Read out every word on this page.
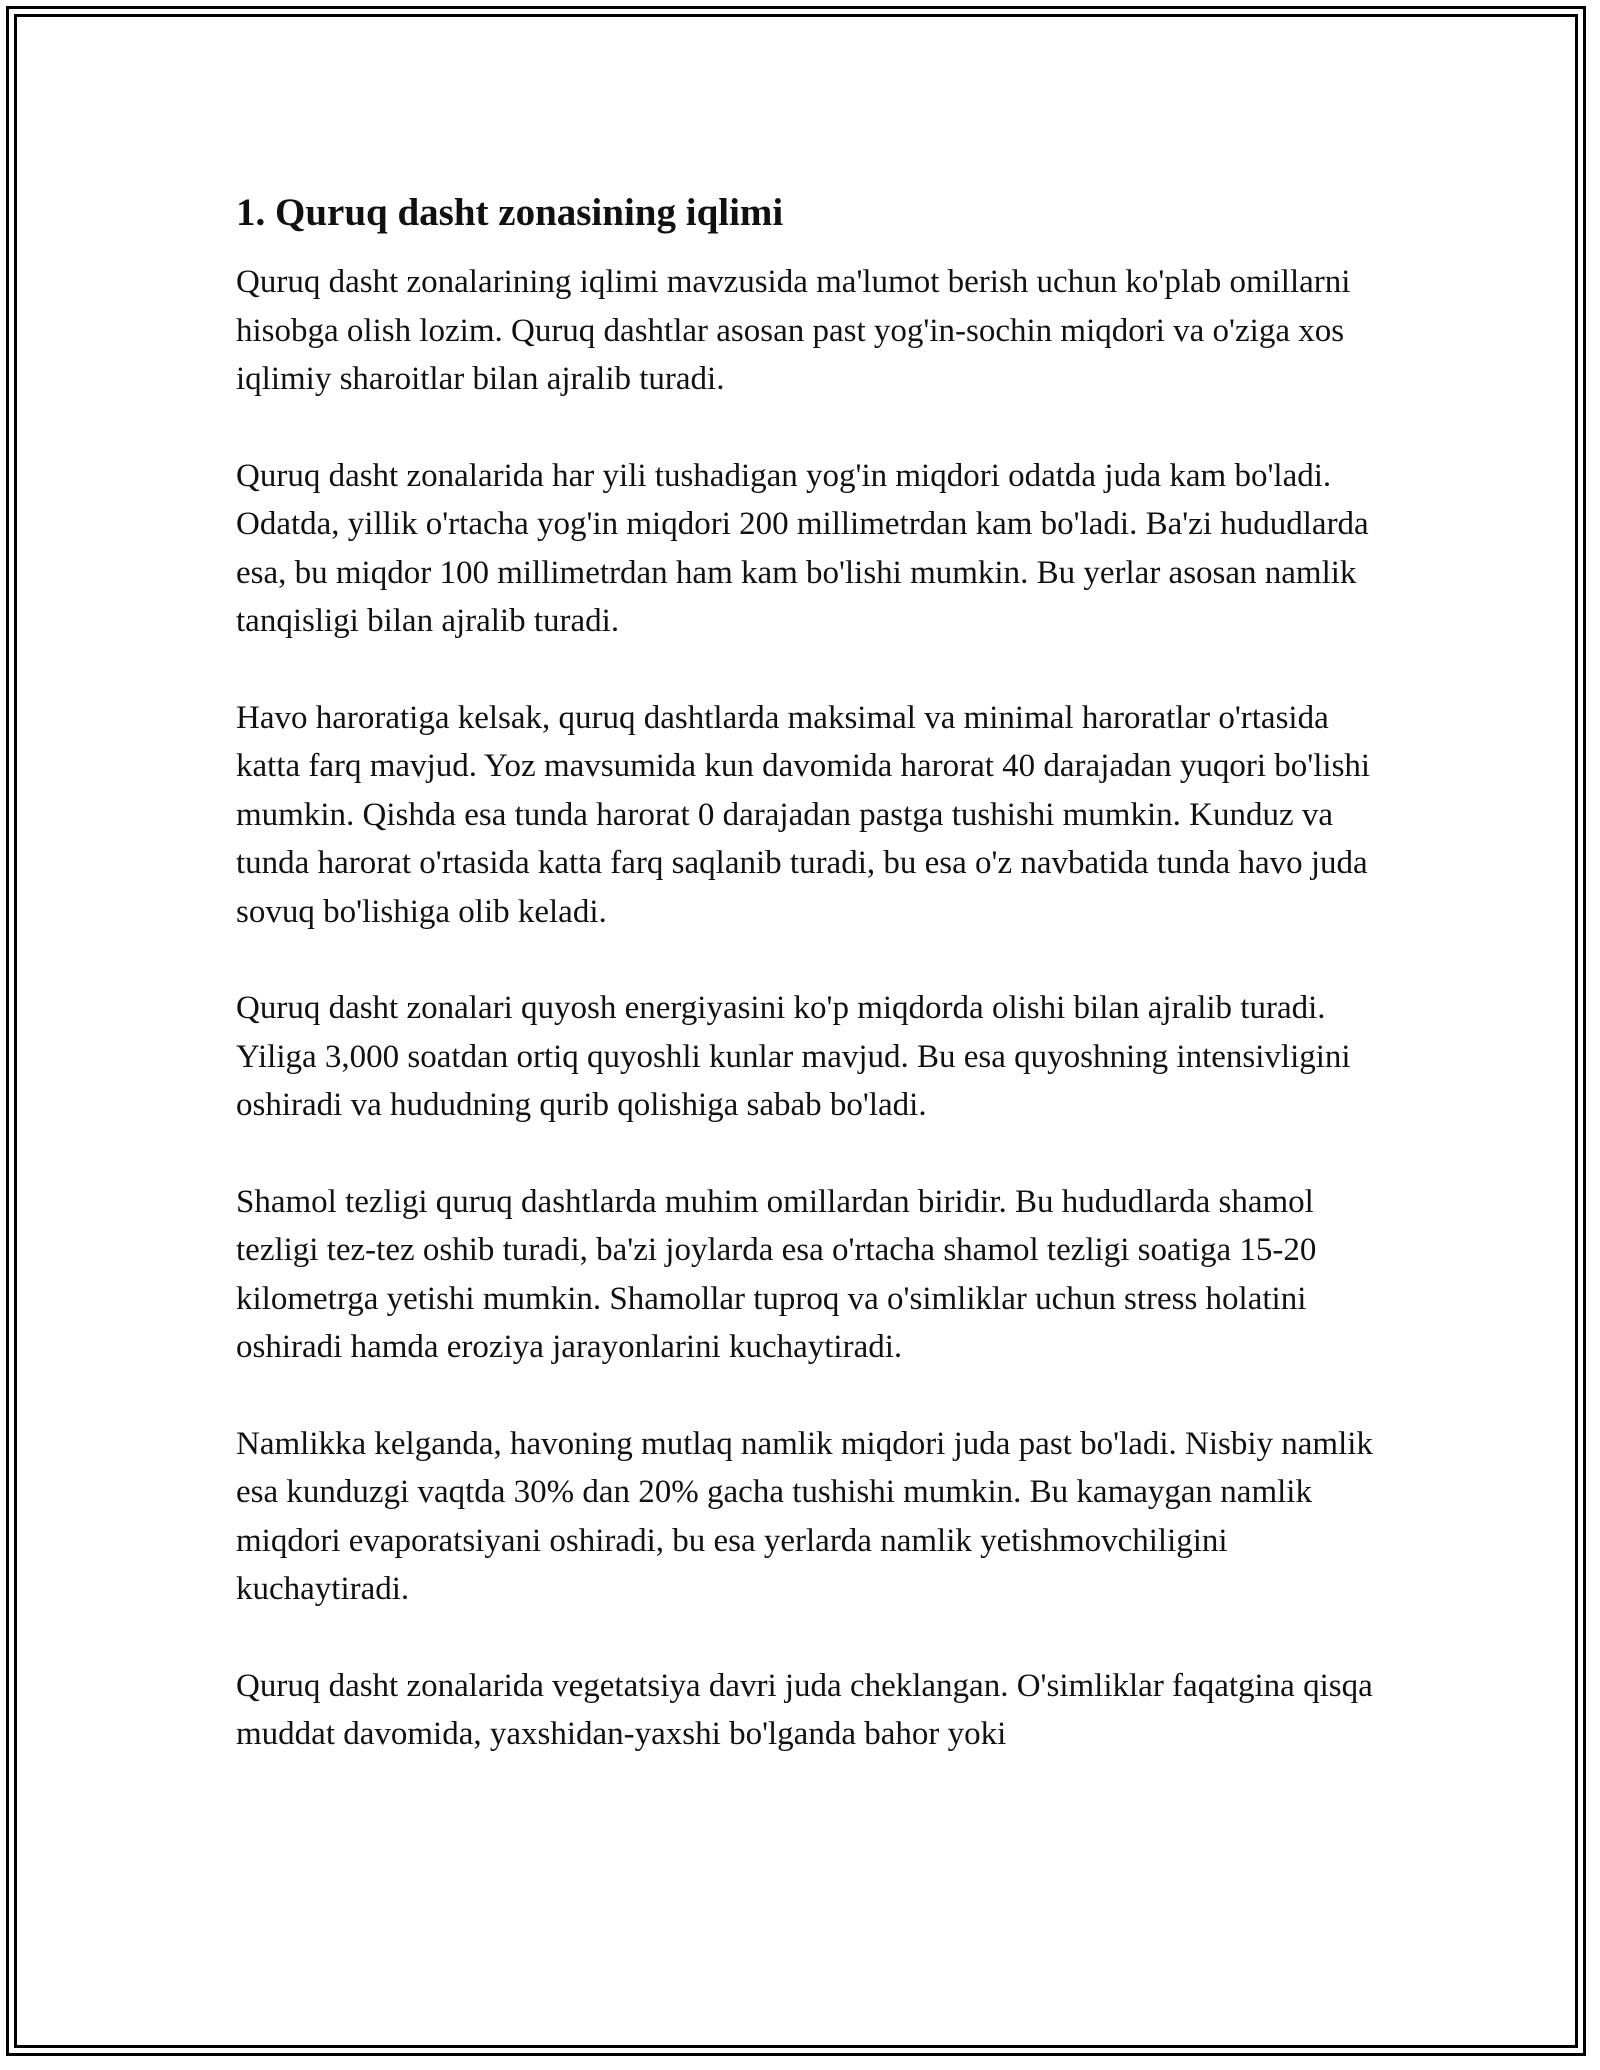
1. Quruq dasht zonasining iqlimi

Quruq dasht zonalarining iqlimi mavzusida ma'lumot berish uchun ko'plab omillarni hisobga olish lozim. Quruq dashtlar asosan past yog'in-sochin miqdori va o'ziga xos iqlimiy sharoitlar bilan ajralib turadi.

Quruq dasht zonalarida har yili tushadigan yog'in miqdori odatda juda kam bo'ladi. Odatda, yillik o'rtacha yog'in miqdori 200 millimetrdan kam bo'ladi. Ba'zi hududlarda esa, bu miqdor 100 millimetrdan ham kam bo'lishi mumkin. Bu yerlar asosan namlik tanqisligi bilan ajralib turadi.

Havo haroratiga kelsak, quruq dashtlarda maksimal va minimal haroratlar o'rtasida katta farq mavjud. Yoz mavsumida kun davomida harorat 40 darajadan yuqori bo'lishi mumkin. Qishda esa tunda harorat 0 darajadan pastga tushishi mumkin. Kunduz va tunda harorat o'rtasida katta farq saqlanib turadi, bu esa o'z navbatida tunda havo juda sovuq bo'lishiga olib keladi.

Quruq dasht zonalari quyosh energiyasini ko'p miqdorda olishi bilan ajralib turadi. Yiliga 3,000 soatdan ortiq quyoshli kunlar mavjud. Bu esa quyoshning intensivligini oshiradi va hududning qurib qolishiga sabab bo'ladi.

Shamol tezligi quruq dashtlarda muhim omillardan biridir. Bu hududlarda shamol tezligi tez-tez oshib turadi, ba'zi joylarda esa o'rtacha shamol tezligi soatiga 15-20 kilometrga yetishi mumkin. Shamollar tuproq va o'simliklar uchun stress holatini oshiradi hamda eroziya jarayonlarini kuchaytiradi.

Namlikka kelganda, havoning mutlaq namlik miqdori juda past bo'ladi. Nisbiy namlik esa kunduzgi vaqtda 30% dan 20% gacha tushishi mumkin. Bu kamaygan namlik miqdori evaporatsiyani oshiradi, bu esa yerlarda namlik yetishmovchiligini kuchaytiradi.

Quruq dasht zonalarida vegetatsiya davri juda cheklangan. O'simliklar faqatgina qisqa muddat davomida, yaxshidan-yaxshi bo'lganda bahor yoki
